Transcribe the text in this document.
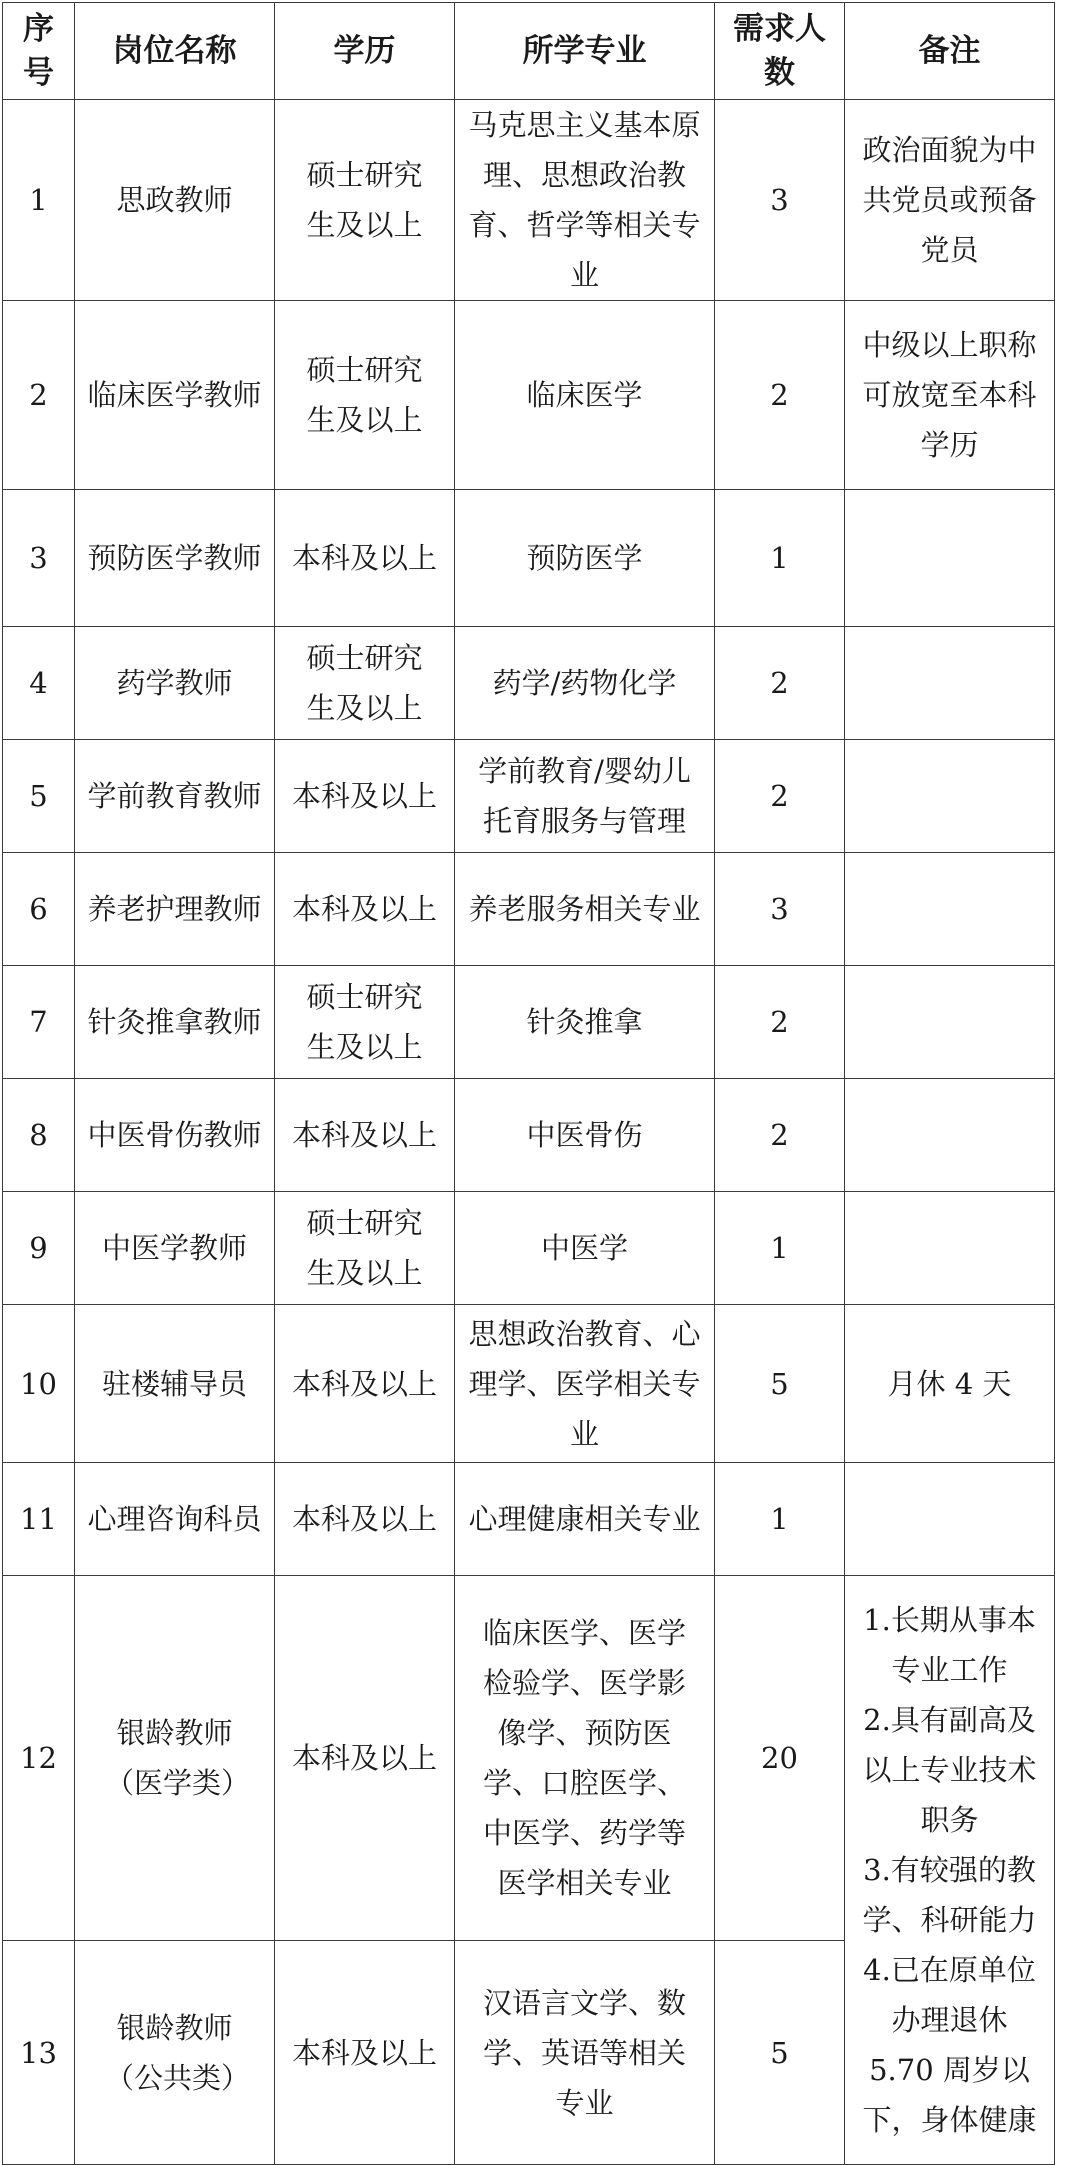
序号	岗位名称	学历	所学专业	需求人数	备注
1	思政教师	硕士研究生及以上	马克思主义基本原理、思想政治教育、哲学等相关专业	3	政治面貌为中共党员或预备党员
2	临床医学教师	硕士研究生及以上	临床医学	2	中级以上职称可放宽至本科学历
3	预防医学教师	本科及以上	预防医学	1	
4	药学教师	硕士研究生及以上	药学/药物化学	2	
5	学前教育教师	本科及以上	学前教育/婴幼儿托育服务与管理	2	
6	养老护理教师	本科及以上	养老服务相关专业	3	
7	针灸推拿教师	硕士研究生及以上	针灸推拿	2	
8	中医骨伤教师	本科及以上	中医骨伤	2	
9	中医学教师	硕士研究生及以上	中医学	1	
10	驻楼辅导员	本科及以上	思想政治教育、心理学、医学相关专业	5	月休 4 天
11	心理咨询科员	本科及以上	心理健康相关专业	1	
12	银龄教师（医学类）	本科及以上	临床医学、医学检验学、医学影像学、预防医学、口腔医学、中医学、药学等医学相关专业	20	1.长期从事本专业工作
2.具有副高及以上专业技术职务
3.有较强的教学、科研能力
4.已在原单位办理退休
5.70 周岁以下，身体健康

13	银龄教师（公共类）	本科及以上	汉语言文学、数学、英语等相关专业	5	
